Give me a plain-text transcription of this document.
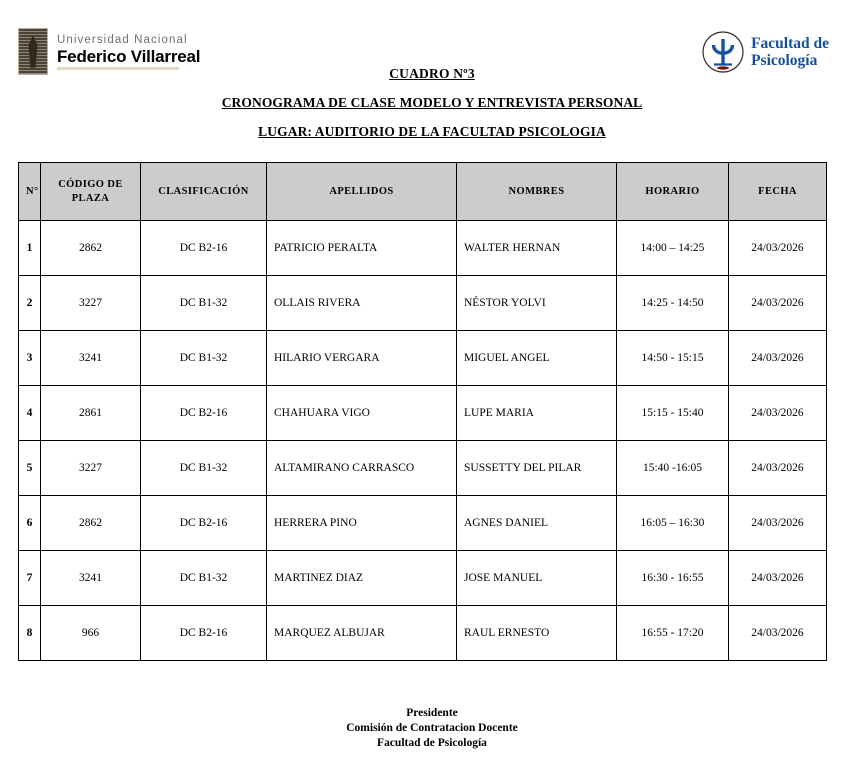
Universidad Nacional
Federico Villarreal
Facultad de
Psicología
CUADRO Nº3
CRONOGRAMA DE CLASE MODELO Y ENTREVISTA PERSONAL
LUGAR: AUDITORIO DE LA FACULTAD PSICOLOGIA
N°	CÓDIGO DE PLAZA	CLASIFICACIÓN	APELLIDOS	NOMBRES	HORARIO	FECHA
1	2862	DC B2-16	PATRICIO PERALTA	WALTER HERNAN	14:00 – 14:25	24/03/2026
2	3227	DC B1-32	OLLAIS RIVERA	NÉSTOR YOLVI	14:25 - 14:50	24/03/2026
3	3241	DC B1-32	HILARIO VERGARA	MIGUEL ANGEL	14:50 - 15:15	24/03/2026
4	2861	DC B2-16	CHAHUARA VIGO	LUPE MARIA	15:15 - 15:40	24/03/2026
5	3227	DC B1-32	ALTAMIRANO CARRASCO	SUSSETTY DEL PILAR	15:40 -16:05	24/03/2026
6	2862	DC B2-16	HERRERA PINO	AGNES DANIEL	16:05 – 16:30	24/03/2026
7	3241	DC B1-32	MARTINEZ DIAZ	JOSE MANUEL	16:30 - 16:55	24/03/2026
8	966	DC B2-16	MARQUEZ ALBUJAR	RAUL ERNESTO	16:55 - 17:20	24/03/2026
Presidente
Comisión de Contratacion Docente
Facultad de Psicología
